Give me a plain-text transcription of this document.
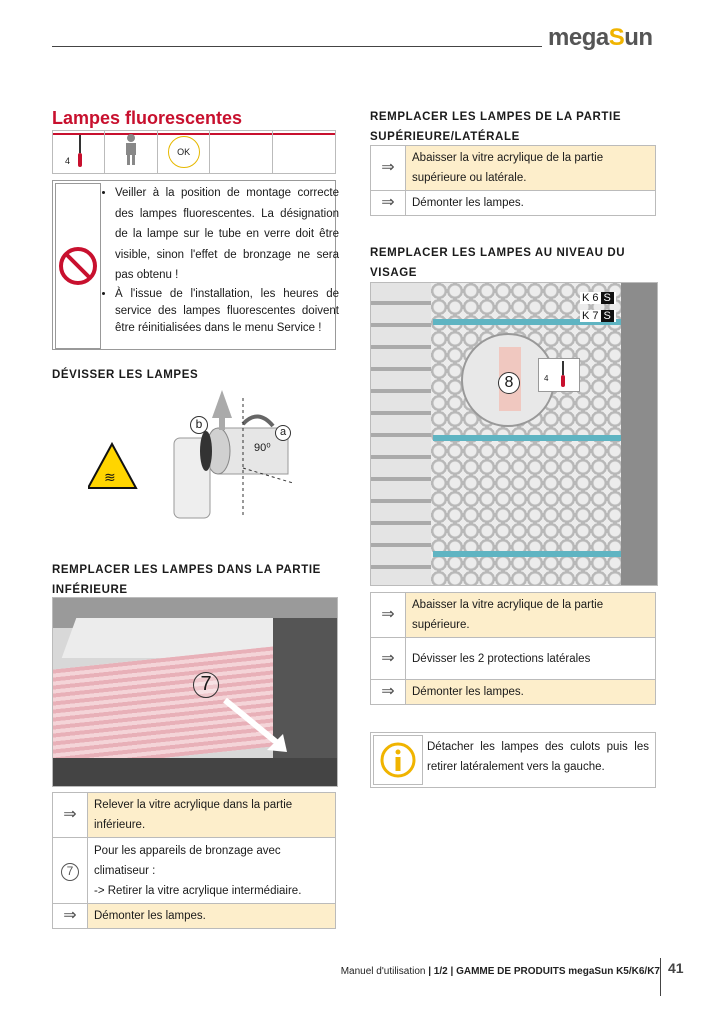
megaSun
Lampes fluorescentes
4
		OK		
• Veiller à la position de montage correcte des lampes fluorescentes. La désignation de la lampe sur le tube en verre doit être visible, sinon l'effet de bronzage ne sera pas obtenu !
• À l'issue de l'installation, les heures de service des lampes fluorescentes doivent être réinitialisées dans le menu Service !

DÉVISSER LES LAMPES

≋
b
a
90⁰

REMPLACER LES LAMPES DANS LA PARTIE
INFÉRIEURE

7
⇒	Relever la vitre acrylique dans la partie inférieure.
7	Pour les appareils de bronzage avec climatiseur :
-> Retirer la vitre acrylique intermédiaire.
⇒	Démonter les lampes.

REMPLACER LES LAMPES DE LA PARTIE
SUPÉRIEURE/LATÉRALE

⇒	Abaisser la vitre acrylique de la partie supérieure ou latérale.
⇒	Démonter les lampes.

REMPLACER LES LAMPES AU NIVEAU DU
VISAGE

K 6 S
K 7 S
8	4
⇒	Abaisser la vitre acrylique de la partie supérieure.
⇒	Dévisser les 2 protections latérales
⇒	Démonter les lampes.
Détacher les lampes des culots puis les retirer latéralement vers la gauche.
Manuel d'utilisation | 1/2 | GAMME DE PRODUITS megaSun K5/K6/K7 41
